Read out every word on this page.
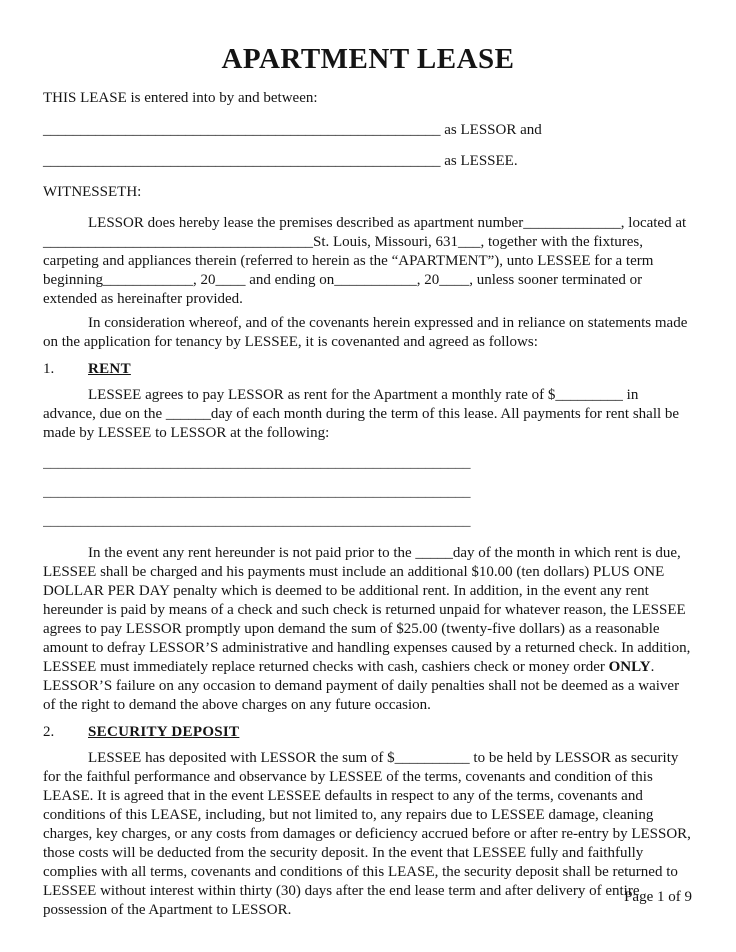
APARTMENT LEASE

THIS LEASE is entered into by and between:

_____________________________________________________ as LESSOR and

_____________________________________________________ as LESSEE.

WITNESSETH:

LESSOR does hereby lease the premises described as apartment number_____________, located at ____________________________________St. Louis, Missouri, 631___, together with the fixtures, carpeting and appliances therein (referred to herein as the “APARTMENT”), unto LESSEE for a term beginning____________, 20____ and ending on___________, 20____, unless sooner terminated or extended as hereinafter provided.

In consideration whereof, and of the covenants herein expressed and in reliance on statements made on the application for tenancy by LESSEE, it is covenanted and agreed as follows:

1. RENT

LESSEE agrees to pay LESSOR as rent for the Apartment a monthly rate of $_________ in advance, due on the ______day of each month during the term of this lease. All payments for rent shall be made by LESSEE to LESSOR at the following:

_________________________________________________________
_________________________________________________________
_________________________________________________________

In the event any rent hereunder is not paid prior to the _____day of the month in which rent is due, LESSEE shall be charged and his payments must include an additional $10.00 (ten dollars) PLUS ONE DOLLAR PER DAY penalty which is deemed to be additional rent. In addition, in the event any rent hereunder is paid by means of a check and such check is returned unpaid for whatever reason, the LESSEE agrees to pay LESSOR promptly upon demand the sum of $25.00 (twenty-five dollars) as a reasonable amount to defray LESSOR’S administrative and handling expenses caused by a returned check. In addition, LESSEE must immediately replace returned checks with cash, cashiers check or money order ONLY. LESSOR’S failure on any occasion to demand payment of daily penalties shall not be deemed as a waiver of the right to demand the above charges on any future occasion.

2. SECURITY DEPOSIT

LESSEE has deposited with LESSOR the sum of $__________ to be held by LESSOR as security for the faithful performance and observance by LESSEE of the terms, covenants and condition of this LEASE. It is agreed that in the event LESSEE defaults in respect to any of the terms, covenants and conditions of this LEASE, including, but not limited to, any repairs due to LESSEE damage, cleaning charges, key charges, or any costs from damages or deficiency accrued before or after re-entry by LESSOR, those costs will be deducted from the security deposit. In the event that LESSEE fully and faithfully complies with all terms, covenants and conditions of this LEASE, the security deposit shall be returned to LESSEE without interest within thirty (30) days after the end lease term and after delivery of entire possession of the Apartment to LESSOR.

Page 1 of 9
